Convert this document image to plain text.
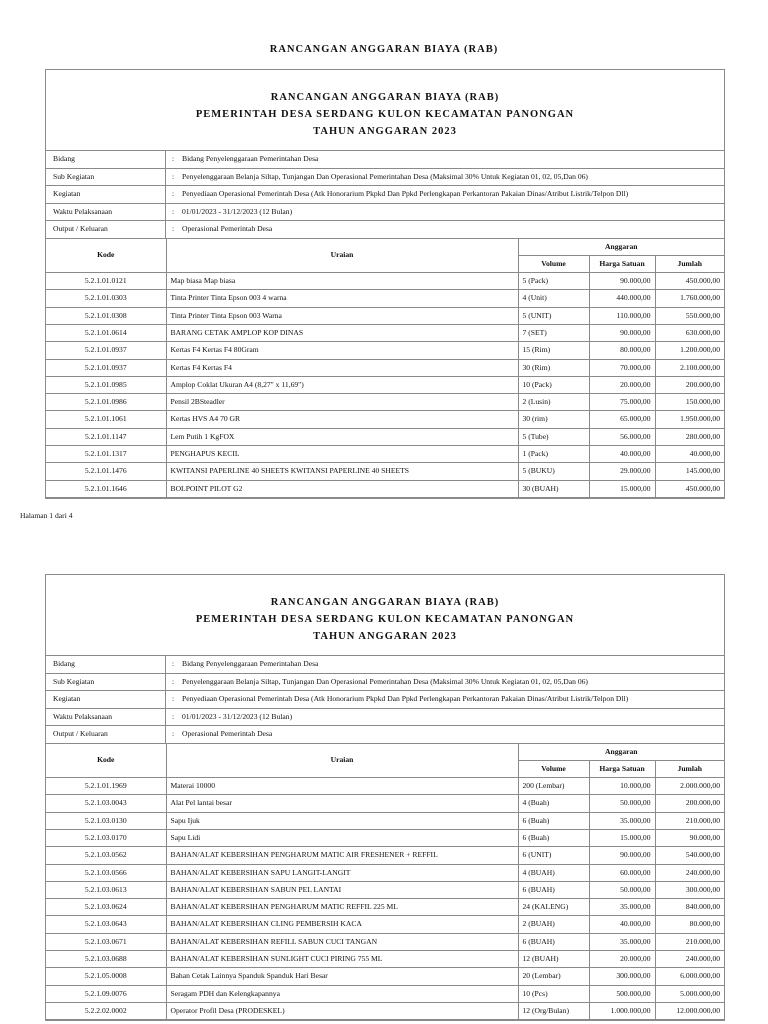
RANCANGAN ANGGARAN BIAYA (RAB)
RANCANGAN ANGGARAN BIAYA (RAB)
PEMERINTAH DESA SERDANG KULON KECAMATAN PANONGAN
TAHUN ANGGARAN 2023
Bidang	: Bidang Penyelenggaraan Pemerintahan Desa
Sub Kegiatan	: Penyelenggaraan Belanja Siltap, Tunjangan Dan Operasional Pemerintahan Desa (Maksimal 30% Untuk Kegiatan 01, 02, 05,Dan 06)
Kegiatan	: Penyediaan Operasional Pemerintah Desa (Atk Honorarium Pkpkd Dan Ppkd Perlengkapan Perkantoran Pakaian Dinas/Atribut Listrik/Telpon Dll)
Waktu Pelaksanaan	: 01/01/2023 - 31/12/2023 (12 Bulan)
Output / Keluaran	: Operasional Pemerintah Desa
Kode	Uraian	Anggaran		
		Volume	Harga Satuan	Jumlah
5.2.1.01.0121	Map biasa Map biasa	5 (Pack)	90.000,00	450.000,00
5.2.1.01.0303	Tinta Printer Tinta Epson 003 4 warna	4 (Unit)	440.000,00	1.760.000,00
5.2.1.01.0308	Tinta Printer Tinta Epson 003 Warna	5 (UNIT)	110.000,00	550.000,00
5.2.1.01.0614	BARANG CETAK AMPLOP KOP DINAS	7 (SET)	90.000,00	630.000,00
5.2.1.01.0937	Kertas F4 Kertas F4 80Gram	15 (Rim)	80.000,00	1.200.000,00
5.2.1.01.0937	Kertas F4 Kertas F4	30 (Rim)	70.000,00	2.100.000,00
5.2.1.01.0985	Amplop Coklat Ukuran A4 (8,27" x 11,69")	10 (Pack)	20.000,00	200.000,00
5.2.1.01.0986	Pensil 2BSteadler	2 (Lusin)	75.000,00	150.000,00
5.2.1.01.1061	Kertas HVS A4 70 GR	30 (rim)	65.000,00	1.950.000,00
5.2.1.01.1147	Lem Putih 1 KgFOX	5 (Tube)	56.000,00	280.000,00
5.2.1.01.1317	PENGHAPUS KECIL	1 (Pack)	40.000,00	40.000,00
5.2.1.01.1476	KWITANSI PAPERLINE 40 SHEETS KWITANSI PAPERLINE 40 SHEETS	5 (BUKU)	29.000,00	145.000,00
5.2.1.01.1646	BOLPOINT PILOT G2	30 (BUAH)	15.000,00	450.000,00
Halaman 1 dari 4
RANCANGAN ANGGARAN BIAYA (RAB)
PEMERINTAH DESA SERDANG KULON KECAMATAN PANONGAN
TAHUN ANGGARAN 2023
Bidang	: Bidang Penyelenggaraan Pemerintahan Desa
Sub Kegiatan	: Penyelenggaraan Belanja Siltap, Tunjangan Dan Operasional Pemerintahan Desa (Maksimal 30% Untuk Kegiatan 01, 02, 05,Dan 06)
Kegiatan	: Penyediaan Operasional Pemerintah Desa (Atk Honorarium Pkpkd Dan Ppkd Perlengkapan Perkantoran Pakaian Dinas/Atribut Listrik/Telpon Dll)
Waktu Pelaksanaan	: 01/01/2023 - 31/12/2023 (12 Bulan)
Output / Keluaran	: Operasional Pemerintah Desa
Kode	Uraian	Anggaran		
		Volume	Harga Satuan	Jumlah
5.2.1.01.1969	Materai 10000	200 (Lembar)	10.000,00	2.000.000,00
5.2.1.03.0043	Alat Pel lantai besar	4 (Buah)	50.000,00	200.000,00
5.2.1.03.0130	Sapu Ijuk	6 (Buah)	35.000,00	210.000,00
5.2.1.03.0170	Sapu Lidi	6 (Buah)	15.000,00	90.000,00
5.2.1.03.0562	BAHAN/ALAT KEBERSIHAN PENGHARUM MATIC AIR FRESHENER + REFFIL	6 (UNIT)	90.000,00	540.000,00
5.2.1.03.0566	BAHAN/ALAT KEBERSIHAN SAPU LANGIT-LANGIT	4 (BUAH)	60.000,00	240.000,00
5.2.1.03.0613	BAHAN/ALAT KEBERSIHAN SABUN PEL LANTAI	6 (BUAH)	50.000,00	300.000,00
5.2.1.03.0624	BAHAN/ALAT KEBERSIHAN PENGHARUM MATIC REFFIL 225 ML	24 (KALENG)	35.000,00	840.000,00
5.2.1.03.0643	BAHAN/ALAT KEBERSIHAN CLING PEMBERSIH KACA	2 (BUAH)	40.000,00	80.000,00
5.2.1.03.0671	BAHAN/ALAT KEBERSIHAN REFILL SABUN CUCI TANGAN	6 (BUAH)	35.000,00	210.000,00
5.2.1.03.0688	BAHAN/ALAT KEBERSIHAN SUNLIGHT CUCI PIRING 755 ML	12 (BUAH)	20.000,00	240.000,00
5.2.1.05.0008	Bahan Cetak Lainnya Spanduk Spanduk Hari Besar	20 (Lembar)	300.000,00	6.000.000,00
5.2.1.09.0076	Seragam PDH dan Kelengkapannya	10 (Pcs)	500.000,00	5.000.000,00
5.2.2.02.0002	Operator Profil Desa (PRODESKEL)	12 (Org/Bulan)	1.000.000,00	12.000.000,00
